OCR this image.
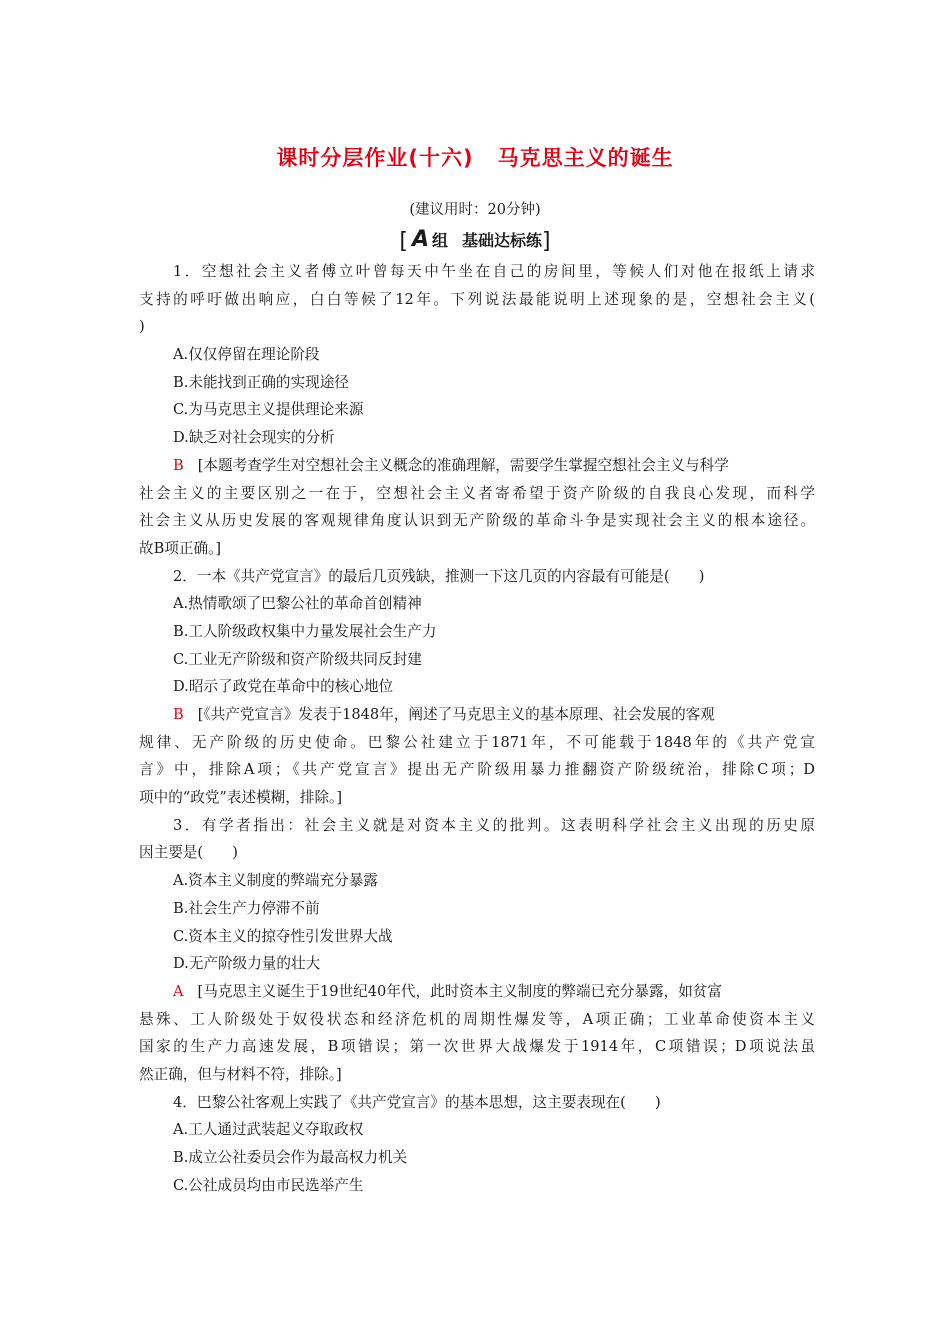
课时分层作业(十六) 马克思主义的诞生
(建议用时：20分钟)
[ A 组 基础达标练]
1．空想社会主义者傅立叶曾每天中午坐在自己的房间里，等候人们对他在报纸上请求
支持的呼吁做出响应，白白等候了12年。下列说法最能说明上述现象的是，空想社会主义(
)
A.仅仅停留在理论阶段
B.未能找到正确的实现途径
C.为马克思主义提供理论来源
D.缺乏对社会现实的分析
B [本题考查学生对空想社会主义概念的准确理解，需要学生掌握空想社会主义与科学
社会主义的主要区别之一在于，空想社会主义者寄希望于资产阶级的自我良心发现，而科学
社会主义从历史发展的客观规律角度认识到无产阶级的革命斗争是实现社会主义的根本途径。
故B项正确。]
2．一本《共产党宣言》的最后几页残缺，推测一下这几页的内容最有可能是(　　)
A.热情歌颂了巴黎公社的革命首创精神
B.工人阶级政权集中力量发展社会生产力
C.工业无产阶级和资产阶级共同反封建
D.昭示了政党在革命中的核心地位
B [《共产党宣言》发表于1848年，阐述了马克思主义的基本原理、社会发展的客观
规律、无产阶级的历史使命。巴黎公社建立于1871年，不可能载于1848年的《共产党宣
言》中，排除A项；《共产党宣言》提出无产阶级用暴力推翻资产阶级统治，排除C项；D
项中的“政党”表述模糊，排除。]
3．有学者指出：社会主义就是对资本主义的批判。这表明科学社会主义出现的历史原
因主要是(　　)
A.资本主义制度的弊端充分暴露
B.社会生产力停滞不前
C.资本主义的掠夺性引发世界大战
D.无产阶级力量的壮大
A [马克思主义诞生于19世纪40年代，此时资本主义制度的弊端已充分暴露，如贫富
悬殊、工人阶级处于奴役状态和经济危机的周期性爆发等，A项正确；工业革命使资本主义
国家的生产力高速发展，B项错误；第一次世界大战爆发于1914年，C项错误；D项说法虽
然正确，但与材料不符，排除。]
4．巴黎公社客观上实践了《共产党宣言》的基本思想，这主要表现在(　　)
A.工人通过武装起义夺取政权
B.成立公社委员会作为最高权力机关
C.公社成员均由市民选举产生
